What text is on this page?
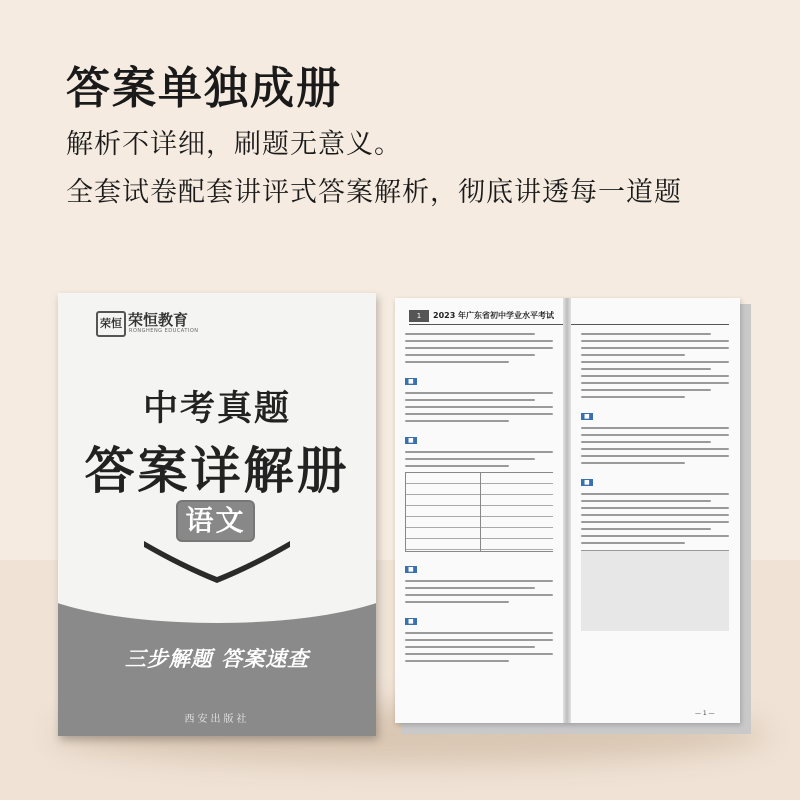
答案单独成册
解析不详细，刷题无意义。
全套试卷配套讲评式答案解析，彻底讲透每一道题
荣恒 荣恒教育
RONGHENG EDUCATION
中考真题
答案详解册
语文
三步解题 答案速查
西安出版社
1	2023 年广东省初中学业水平考试
■
■
■
■
■
■
— 1 —
